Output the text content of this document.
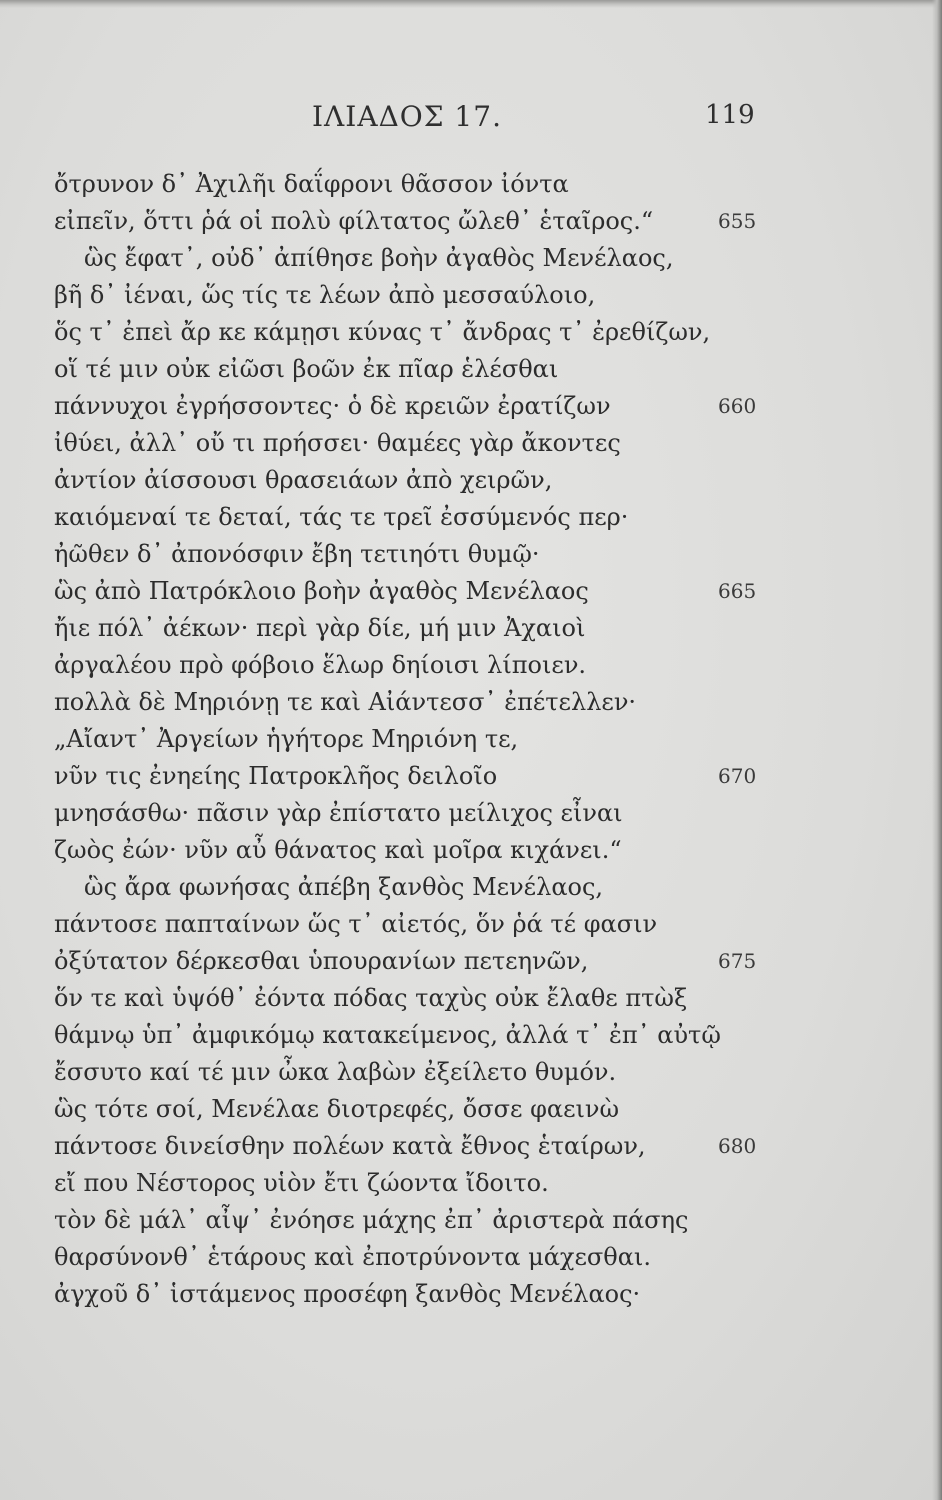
ΙΛΙΑΔΟΣ 17.	119
ὄτρυνον δ᾽ Ἀχιλῆι δαΐφρονι θᾶσσον ἰόντα
εἰπεῖν, ὅττι ῥά οἱ πολὺ φίλτατος ὤλεθ᾽ ἑταῖρος.“	655
ὣς ἔφατ᾽, οὐδ᾽ ἀπίθησε βοὴν ἀγαθὸς Μενέλαος,
βῆ δ᾽ ἰέναι, ὥς τίς τε λέων ἀπὸ μεσσαύλοιο,
ὅς τ᾽ ἐπεὶ ἄρ κε κάμῃσι κύνας τ᾽ ἄνδρας τ᾽ ἐρεθίζων,
οἵ τέ μιν οὐκ εἰῶσι βοῶν ἐκ πῖαρ ἑλέσθαι
πάννυχοι ἐγρήσσοντες· ὁ δὲ κρειῶν ἐρατίζων	660
ἰθύει, ἀλλ᾽ οὔ τι πρήσσει· θαμέες γὰρ ἄκοντες
ἀντίον ἀίσσουσι θρασειάων ἀπὸ χειρῶν,
καιόμεναί τε δεταί, τάς τε τρεῖ ἐσσύμενός περ·
ἠῶθεν δ᾽ ἀπονόσφιν ἔβη τετιηότι θυμῷ·
ὣς ἀπὸ Πατρόκλοιο βοὴν ἀγαθὸς Μενέλαος	665
ἤιε πόλ᾽ ἀέκων· περὶ γὰρ δίε, μή μιν Ἀχαιοὶ
ἀργαλέου πρὸ φόβοιο ἕλωρ δηίοισι λίποιεν.
πολλὰ δὲ Μηριόνῃ τε καὶ Αἰάντεσσ᾽ ἐπέτελλεν·
„Αἴαντ᾽ Ἀργείων ἡγήτορε Μηριόνη τε,
νῦν τις ἐνηείης Πατροκλῆος δειλοῖο	670
μνησάσθω· πᾶσιν γὰρ ἐπίστατο μείλιχος εἶναι
ζωὸς ἐών· νῦν αὖ θάνατος καὶ μοῖρα κιχάνει.“
ὣς ἄρα φωνήσας ἀπέβη ξανθὸς Μενέλαος,
πάντοσε παπταίνων ὥς τ᾽ αἰετός, ὅν ῥά τέ φασιν
ὀξύτατον δέρκεσθαι ὑπουρανίων πετεηνῶν,	675
ὅν τε καὶ ὑψόθ᾽ ἐόντα πόδας ταχὺς οὐκ ἔλαθε πτὼξ
θάμνῳ ὑπ᾽ ἀμφικόμῳ κατακείμενος, ἀλλά τ᾽ ἐπ᾽ αὐτῷ
ἔσσυτο καί τέ μιν ὦκα λαβὼν ἐξείλετο θυμόν.
ὣς τότε σοί, Μενέλαε διοτρεφές, ὄσσε φαεινὼ
πάντοσε δινείσθην πολέων κατὰ ἔθνος ἑταίρων,	680
εἴ που Νέστορος υἱὸν ἔτι ζώοντα ἴδοιτο.
τὸν δὲ μάλ᾽ αἶψ᾽ ἐνόησε μάχης ἐπ᾽ ἀριστερὰ πάσης
θαρσύνονθ᾽ ἑτάρους καὶ ἐποτρύνοντα μάχεσθαι.
ἀγχοῦ δ᾽ ἱστάμενος προσέφη ξανθὸς Μενέλαος·
